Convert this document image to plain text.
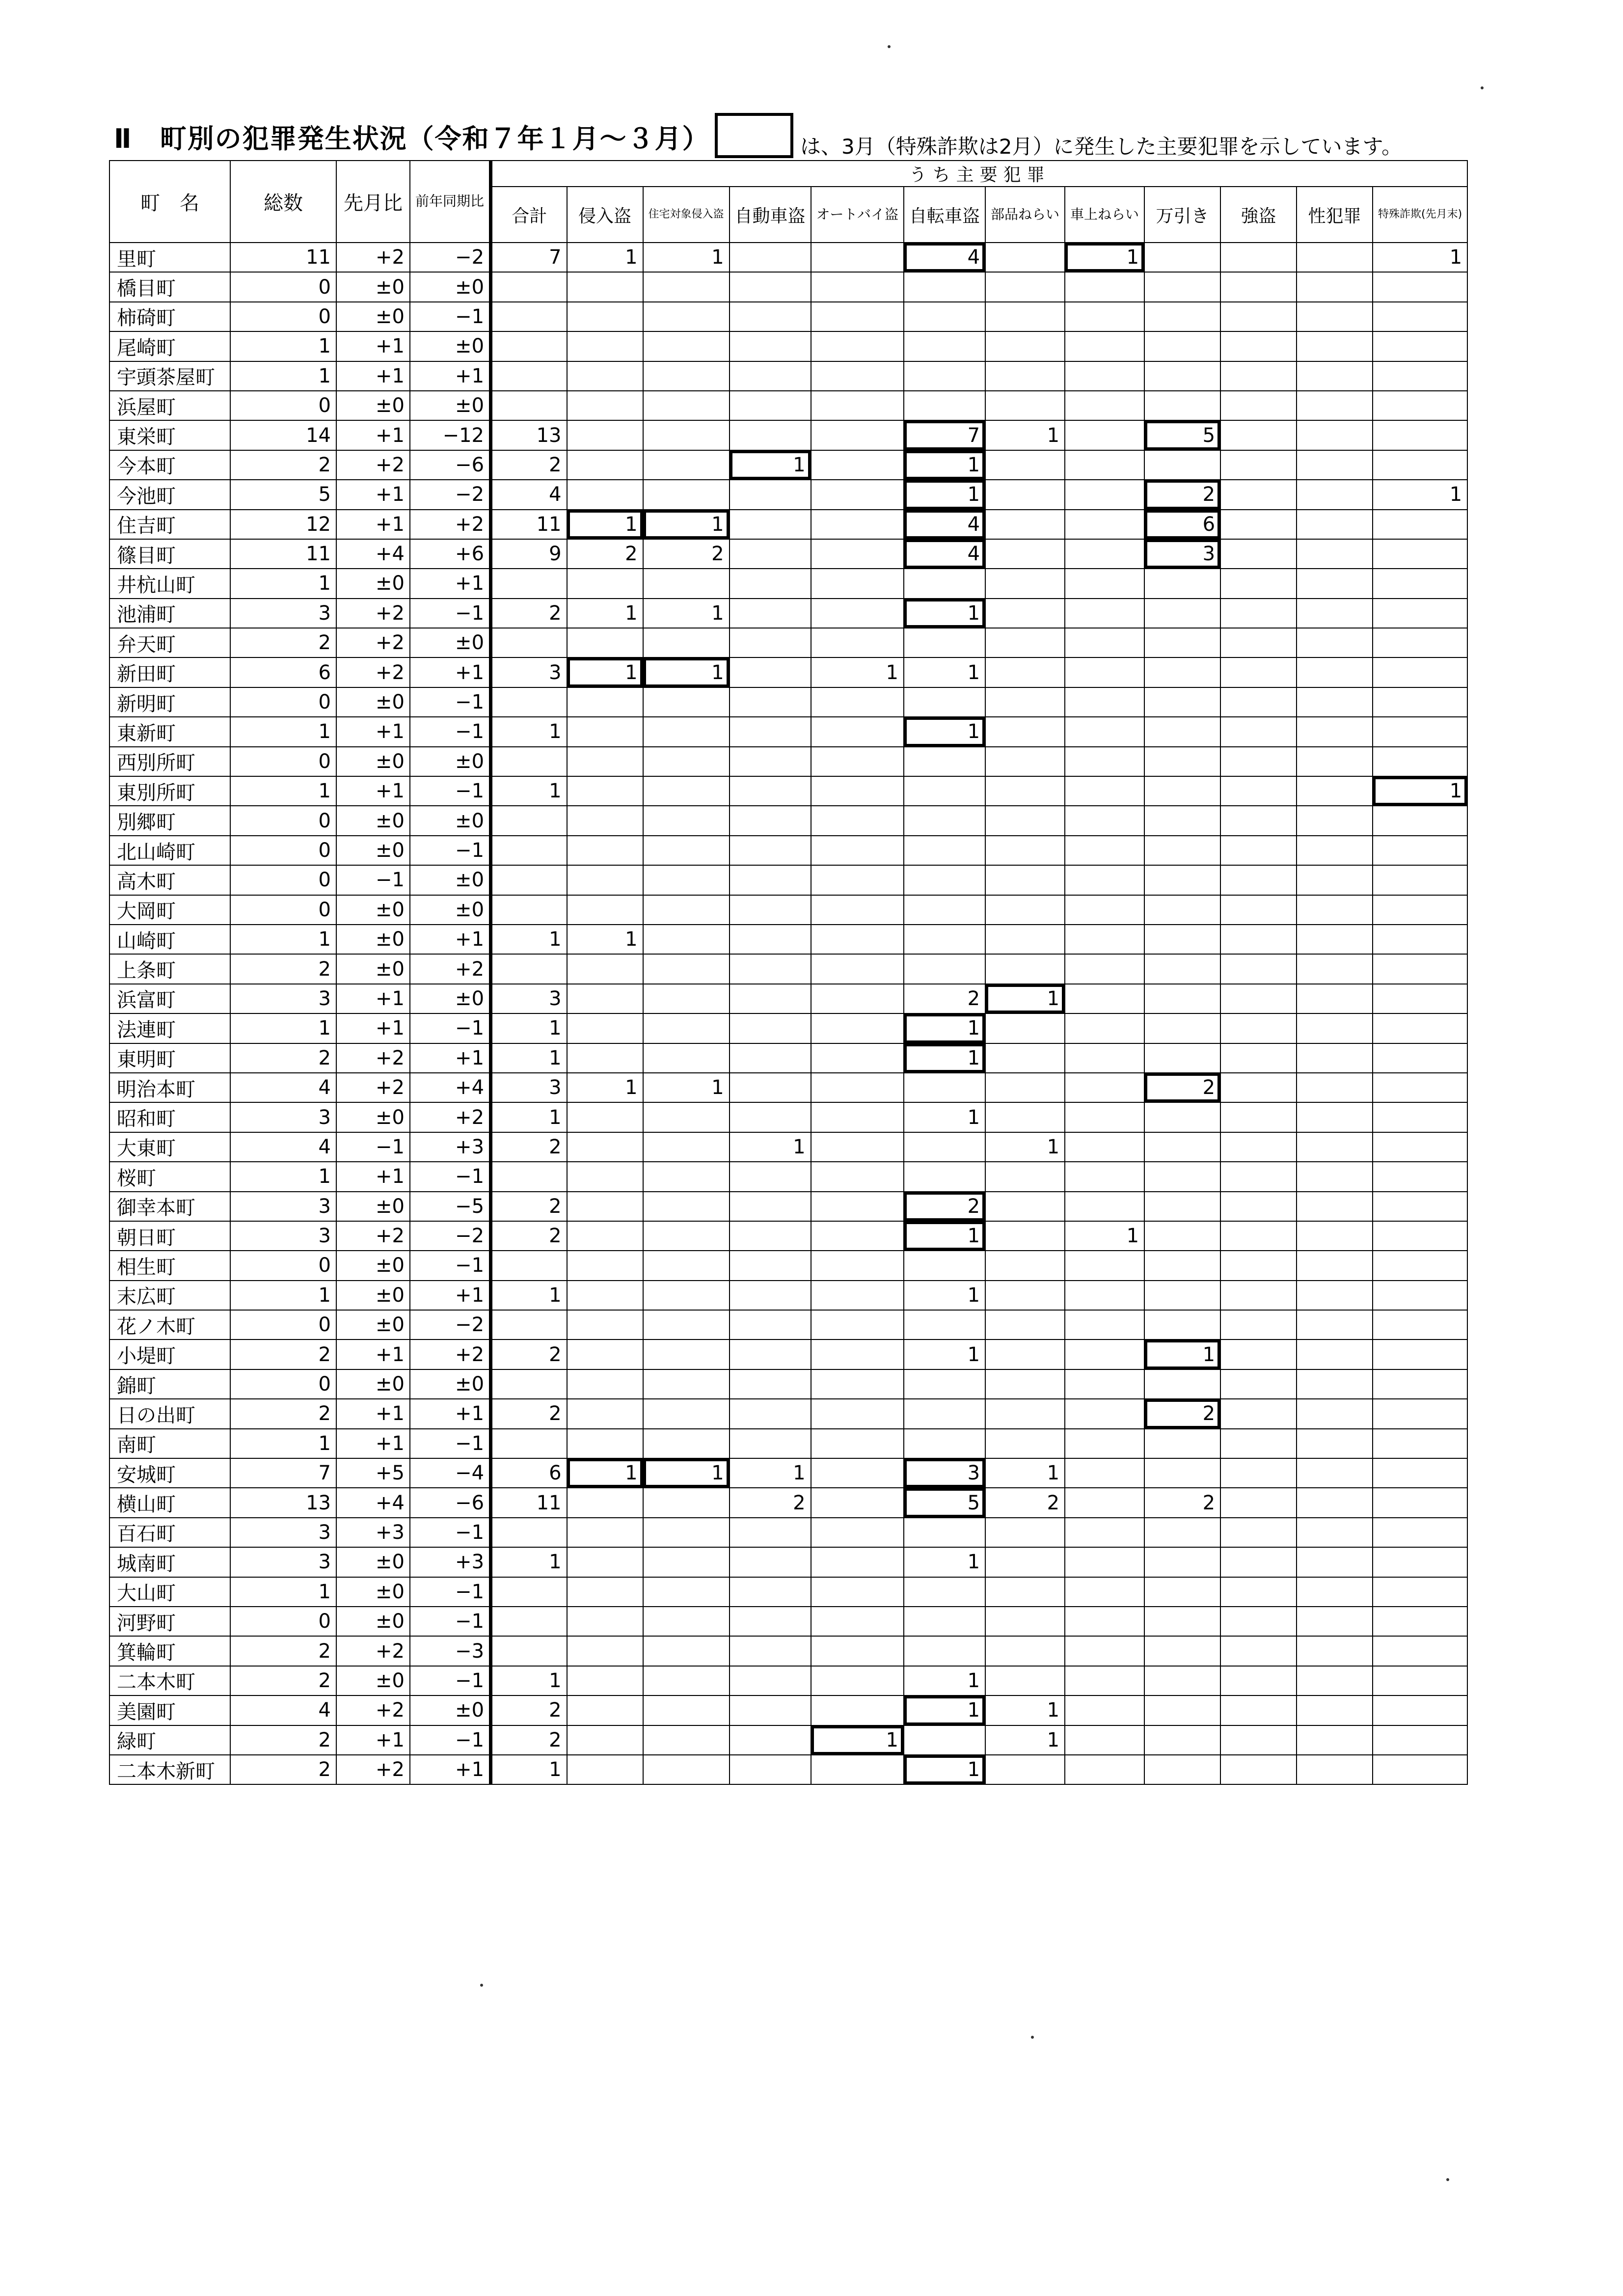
Ⅱ　町別の犯罪発生状況（令和７年１月～３月）	は、3月（特殊詐欺は2月）に発生した主要犯罪を示しています。
町　名	総数	先月比	前年同期比	うち主要犯罪											
				合計	侵入盗	住宅対象侵入盗	自動車盗	オートバイ盗	自転車盗	部品ねらい	車上ねらい	万引き	強盗	性犯罪	特殊詐欺(先月末)
里町	11	+2	−2	7	1	1			4		1				1
橋目町	0	±0	±0												
柿碕町	0	±0	−1												
尾崎町	1	+1	±0												
宇頭茶屋町	1	+1	+1												
浜屋町	0	±0	±0												
東栄町	14	+1	−12	13					7	1		5			
今本町	2	+2	−6	2			1		1						
今池町	5	+1	−2	4					1			2			1
住吉町	12	+1	+2	11	1	1			4			6			
篠目町	11	+4	+6	9	2	2			4			3			
井杭山町	1	±0	+1												
池浦町	3	+2	−1	2	1	1			1						
弁天町	2	+2	±0												
新田町	6	+2	+1	3	1	1		1	1						
新明町	0	±0	−1												
東新町	1	+1	−1	1					1						
西別所町	0	±0	±0												
東別所町	1	+1	−1	1											1
別郷町	0	±0	±0												
北山崎町	0	±0	−1												
高木町	0	−1	±0												
大岡町	0	±0	±0												
山崎町	1	±0	+1	1	1										
上条町	2	±0	+2												
浜富町	3	+1	±0	3					2	1					
法連町	1	+1	−1	1					1						
東明町	2	+2	+1	1					1						
明治本町	4	+2	+4	3	1	1						2			
昭和町	3	±0	+2	1					1						
大東町	4	−1	+3	2			1			1					
桜町	1	+1	−1												
御幸本町	3	±0	−5	2					2						
朝日町	3	+2	−2	2					1		1				
相生町	0	±0	−1												
末広町	1	±0	+1	1					1						
花ノ木町	0	±0	−2												
小堤町	2	+1	+2	2					1			1			
錦町	0	±0	±0												
日の出町	2	+1	+1	2								2			
南町	1	+1	−1												
安城町	7	+5	−4	6	1	1	1		3	1					
横山町	13	+4	−6	11			2		5	2		2			
百石町	3	+3	−1												
城南町	3	±0	+3	1					1						
大山町	1	±0	−1												
河野町	0	±0	−1												
箕輪町	2	+2	−3												
二本木町	2	±0	−1	1					1						
美園町	4	+2	±0	2					1	1					
緑町	2	+1	−1	2				1		1					
二本木新町	2	+2	+1	1					1						
